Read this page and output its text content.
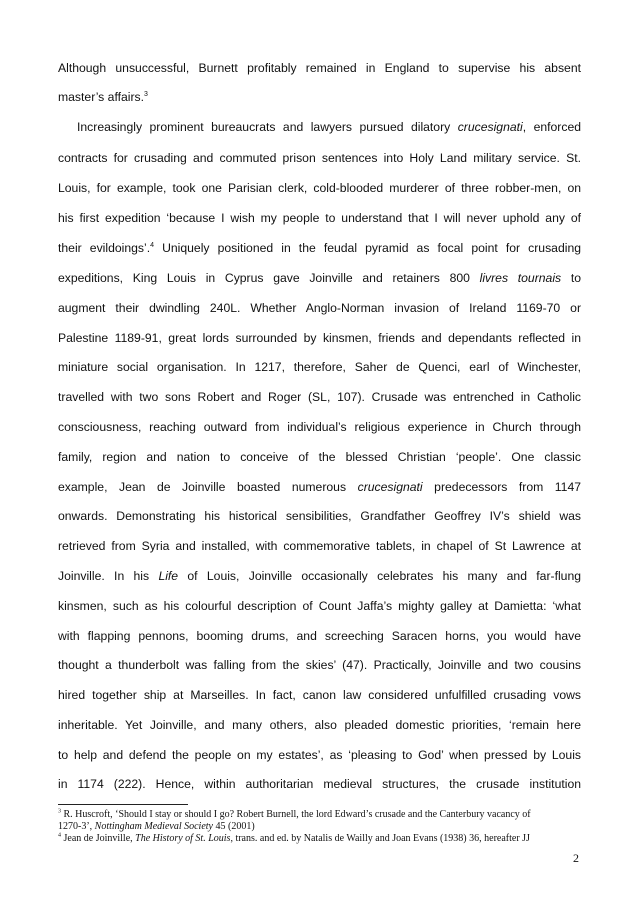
Although unsuccessful, Burnett profitably remained in England to supervise his absent
master’s affairs.$^3$
Increasingly prominent bureaucrats and lawyers pursued dilatory crucesignati, enforced
contracts for crusading and commuted prison sentences into Holy Land military service. St.
Louis, for example, took one Parisian clerk, cold-blooded murderer of three robber-men, on
his first expedition ‘because I wish my people to understand that I will never uphold any of
their evildoings’.$^4$ Uniquely positioned in the feudal pyramid as focal point for crusading
expeditions, King Louis in Cyprus gave Joinville and retainers 800 livres tournais to
augment their dwindling 240L. Whether Anglo-Norman invasion of Ireland 1169-70 or
Palestine 1189-91, great lords surrounded by kinsmen, friends and dependants reflected in
miniature social organisation. In 1217, therefore, Saher de Quenci, earl of Winchester,
travelled with two sons Robert and Roger (SL, 107). Crusade was entrenched in Catholic
consciousness, reaching outward from individual’s religious experience in Church through
family, region and nation to conceive of the blessed Christian ‘people’. One classic
example, Jean de Joinville boasted numerous crucesignati predecessors from 1147
onwards. Demonstrating his historical sensibilities, Grandfather Geoffrey IV’s shield was
retrieved from Syria and installed, with commemorative tablets, in chapel of St Lawrence at
Joinville. In his Life of Louis, Joinville occasionally celebrates his many and far-flung
kinsmen, such as his colourful description of Count Jaffa’s mighty galley at Damietta: ‘what
with flapping pennons, booming drums, and screeching Saracen horns, you would have
thought a thunderbolt was falling from the skies’ (47). Practically, Joinville and two cousins
hired together ship at Marseilles. In fact, canon law considered unfulfilled crusading vows
inheritable. Yet Joinville, and many others, also pleaded domestic priorities, ‘remain here
to help and defend the people on my estates’, as ‘pleasing to God’ when pressed by Louis
in 1174 (222). Hence, within authoritarian medieval structures, the crusade institution
$^3$ R. Huscroft, ‘Should I stay or should I go? Robert Burnell, the lord Edward’s crusade and the Canterbury vacancy of
1270-3’, Nottingham Medieval Society 45 (2001)
$^4$ Jean de Joinville, The History of St. Louis, trans. and ed. by Natalis de Wailly and Joan Evans (1938) 36, hereafter JJ
2
